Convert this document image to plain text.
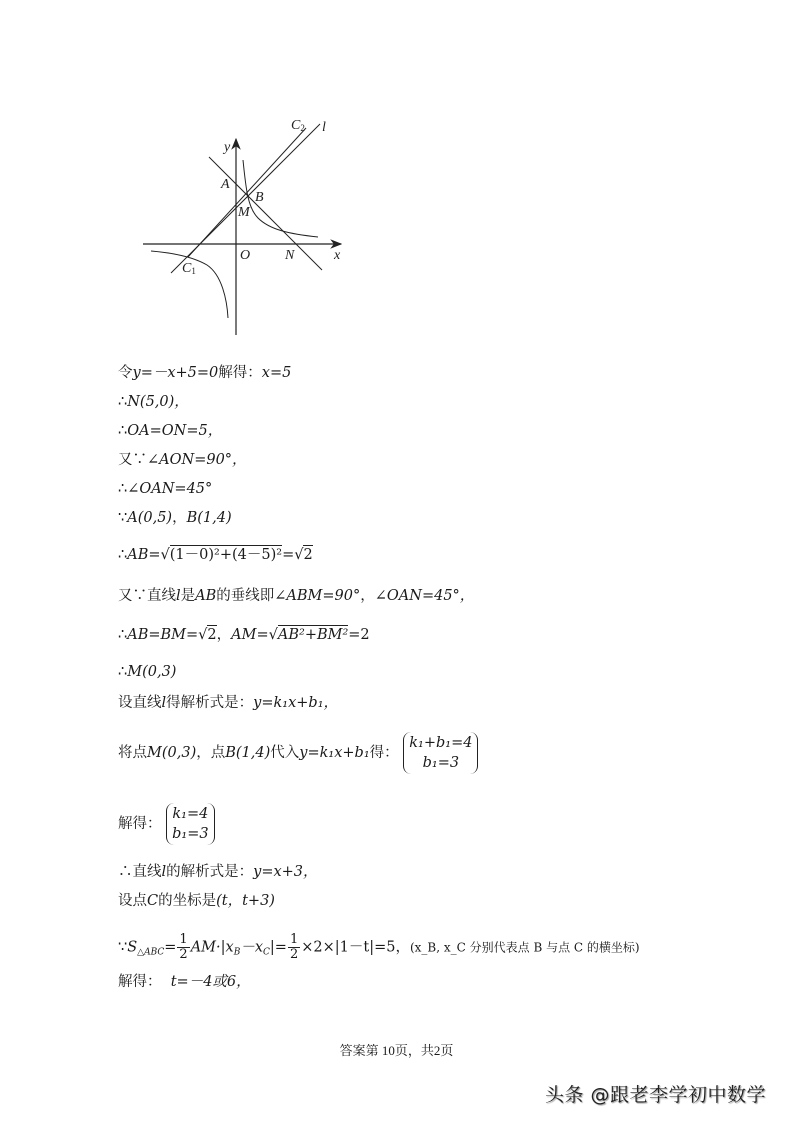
y
x
O
A
B
M
N
C1
C2 l
令y=－x+5=0解得：x=5
∴N(5,0)，
∴OA=ON=5，
又∵∠AON=90°，
∴∠OAN=45°
∵A(0,5)，B(1,4)
∴AB=√(1－0)²+(4－5)²=√2
又∵直线l是AB的垂线即∠ABM=90°，∠OAN=45°，
∴AB=BM=√2，AM=√AB²+BM²=2
∴M(0,3)
设直线l得解析式是：y=k₁x+b₁，
将点M(0,3)，点B(1,4)代入y=k₁x+b₁得：
k₁+b₁=4
b₁=3
解得：
k₁=4
b₁=3
∴直线l的解析式是：y=x+3，
设点C的坐标是(t，t+3)
$\because S_{\triangle ABC}= \frac{1}{2} AM\cdot|x_B-x_C|= \frac{1}{2} \times 2\times|1-t|=5$，(x_B, x_C 分别代表点 B 与点 C 的横坐标)
解得： t=－4或6，
答案第 10页，共2页
头条 @跟老李学初中数学
